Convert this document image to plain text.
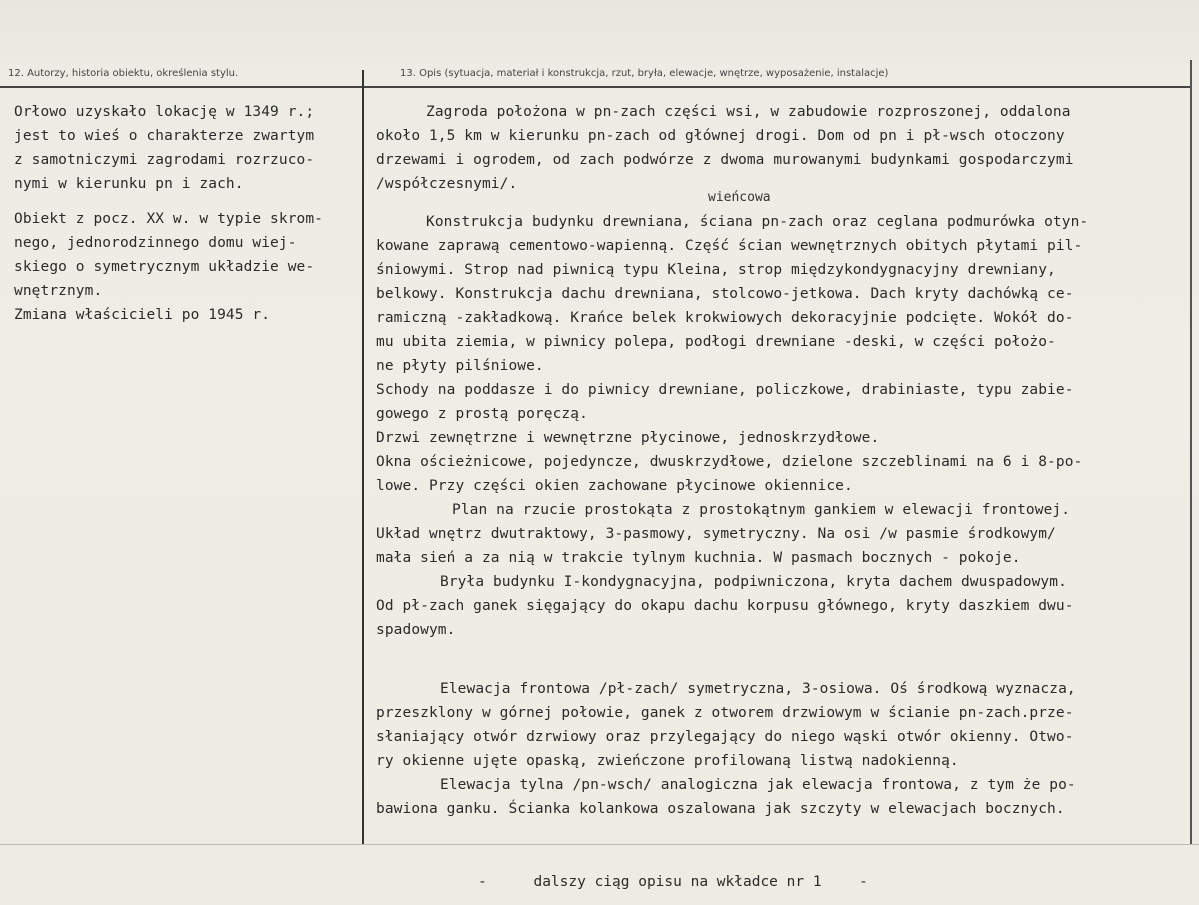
12. Autorzy, historia obiektu, określenia stylu.	13. Opis (sytuacja, materiał i konstrukcja, rzut, bryła, elewacje, wnętrze, wyposażenie, instalacje)
Orłowo uzyskało lokację w 1349 r.;
jest to wieś o charakterze zwartym
z samotniczymi zagrodami rozrzuco-
nymi w kierunku pn i zach.
Obiekt z pocz. XX w. w typie skrom-
nego, jednorodzinnego domu wiej-
skiego o symetrycznym układzie we-
wnętrznym.
Zmiana właścicieli po 1945 r.
wieńcowa
Zagroda położona w pn-zach części wsi, w zabudowie rozproszonej, oddalona
około 1,5 km w kierunku pn-zach od głównej drogi. Dom od pn i pł-wsch otoczony
drzewami i ogrodem, od zach podwórze z dwoma murowanymi budynkami gospodarczymi
/współczesnymi/.
Konstrukcja budynku drewniana, ściana pn-zach oraz ceglana podmurówka otyn-
kowane zaprawą cementowo-wapienną. Część ścian wewnętrznych obitych płytami pil-
śniowymi. Strop nad piwnicą typu Kleina, strop międzykondygnacyjny drewniany,
belkowy. Konstrukcja dachu drewniana, stolcowo-jetkowa. Dach kryty dachówką ce-
ramiczną -zakładkową. Krańce belek krokwiowych dekoracyjnie podcięte. Wokół do-
mu ubita ziemia, w piwnicy polepa, podłogi drewniane -deski, w części położo-
ne płyty pilśniowe.
Schody na poddasze i do piwnicy drewniane, policzkowe, drabiniaste, typu zabie-
gowego z prostą poręczą.
Drzwi zewnętrzne i wewnętrzne płycinowe, jednoskrzydłowe.
Okna ościeżnicowe, pojedyncze, dwuskrzydłowe, dzielone szczeblinami na 6 i 8-po-
lowe. Przy części okien zachowane płycinowe okiennice.
Plan na rzucie prostokąta z prostokątnym gankiem w elewacji frontowej.
Układ wnętrz dwutraktowy, 3-pasmowy, symetryczny. Na osi /w pasmie środkowym/
mała sień a za nią w trakcie tylnym kuchnia. W pasmach bocznych - pokoje.
Bryła budynku I-kondygnacyjna, podpiwniczona, kryta dachem dwuspadowym.
Od pł-zach ganek sięgający do okapu dachu korpusu głównego, kryty daszkiem dwu-
spadowym.
Elewacja frontowa /pł-zach/ symetryczna, 3-osiowa. Oś środkową wyznacza,
przeszklony w górnej połowie, ganek z otworem drzwiowym w ścianie pn-zach.prze-
słaniający otwór dzrwiowy oraz przylegający do niego wąski otwór okienny. Otwo-
ry okienne ujęte opaską, zwieńczone profilowaną listwą nadokienną.
Elewacja tylna /pn-wsch/ analogiczna jak elewacja frontowa, z tym że po-
bawiona ganku. Ścianka kolankowa oszalowana jak szczyty w elewacjach bocznych.
-	dalszy ciąg opisu na wkładce nr 1	-
